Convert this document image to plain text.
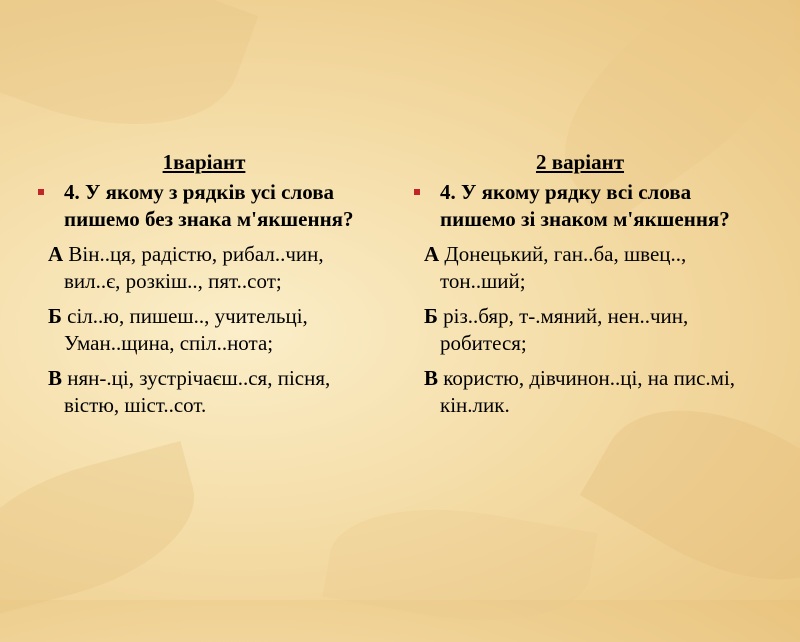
1варіант
4. У якому з рядків усі слова пишемо без знака м'якшення?
А Він..ця, радістю, рибал..чин, вил..є, розкіш.., пят..сот;
Б сіл..ю, пишеш.., учительці, Уман..щина, спіл..нота;
В нян-.ці, зустрічаєш..ся, пісня, вістю, шіст..сот.
2 варіант
4. У якому рядку всі слова пишемо зі знаком м'якшення?
А Донецький, ган..ба, швец.., тон..ший;
Б різ..бяр, т-.мяний, нен..чин, робитеся;
В користю, дівчинон..ці, на пис.мі, кін.лик.
